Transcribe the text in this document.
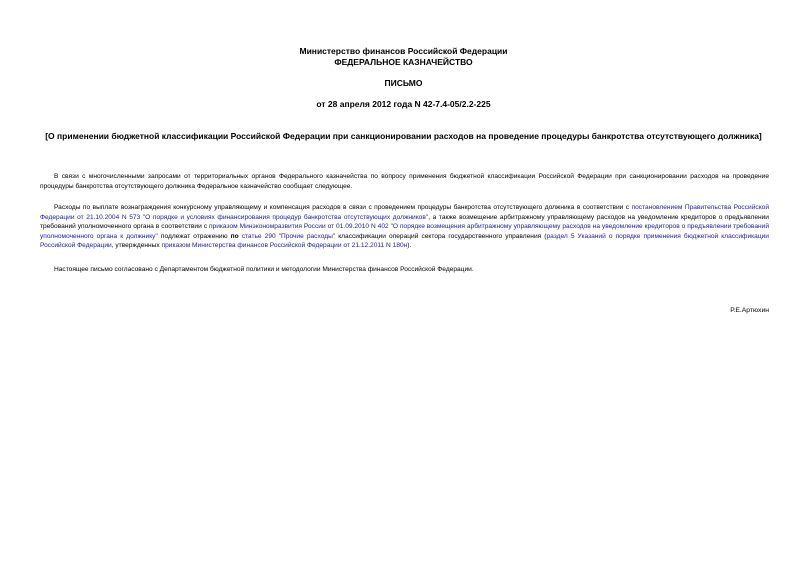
Министерство финансов Российской Федерации
ФЕДЕРАЛЬНОЕ КАЗНАЧЕЙСТВО
ПИСЬМО
от 28 апреля 2012 года N 42-7.4-05/2.2-225
[О применении бюджетной классификации Российской Федерации при санкционировании расходов на проведение процедуры банкротства отсутствующего должника]

В связи с многочисленными запросами от территориальных органов Федерального казначейства по вопросу применения бюджетной классификации Российской Федерации при санкционировании расходов на проведение процедуры банкротства отсутствующего должника Федеральное казначейство сообщает следующее.

Расходы по выплате вознаграждения конкурсному управляющему и компенсация расходов в связи с проведением процедуры банкротства отсутствующего должника в соответствии с постановлением Правительства Российской Федерации от 21.10.2004 N 573 "О порядке и условиях финансирования процедур банкротства отсутствующих должников", а также возмещение арбитражному управляющему расходов на уведомление кредиторов о предъявлении требований уполномоченного органа в соответствии с приказом Минэкономразвития России от 01.09.2010 N 402 "О порядке возмещения арбитражному управляющему расходов на уведомление кредиторов о предъявлении требований уполномоченного органа к должнику" подлежат отражению по статье 290 "Прочие расходы" классификации операций сектора государственного управления (раздел 5 Указаний о порядке применения бюджетной классификации Российской Федерации, утвержденных приказом Министерства финансов Российской Федерации от 21.12.2011 N 180н).

Настоящее письмо согласовано с Департаментом бюджетной политики и методологии Министерства финансов Российской Федерации.

Р.Е.Артюхин
